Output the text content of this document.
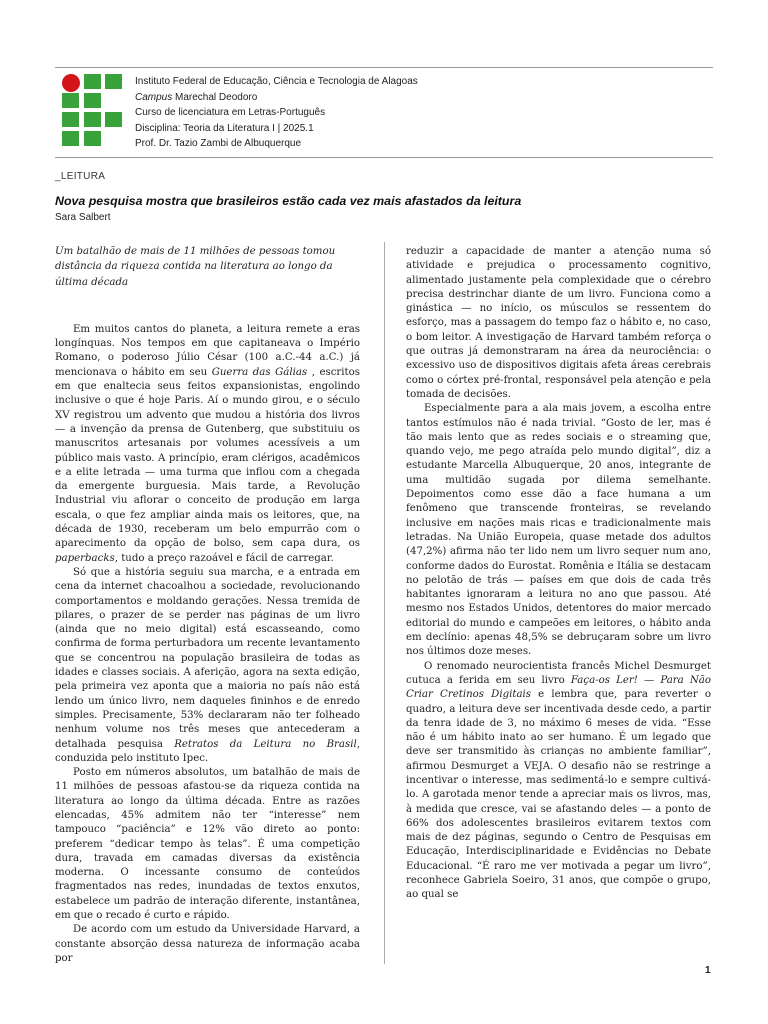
Instituto Federal de Educação, Ciência e Tecnologia de Alagoas
Campus Marechal Deodoro
Curso de licenciatura em Letras-Português
Disciplina: Teoria da Literatura I | 2025.1
Prof. Dr. Tazio Zambi de Albuquerque
_LEITURA
Nova pesquisa mostra que brasileiros estão cada vez mais afastados da leitura
Sara Salbert

Um batalhão de mais de 11 milhões de pessoas tomou distância da riqueza contida na literatura ao longo da última década

Em muitos cantos do planeta, a leitura remete a eras longínquas. Nos tempos em que capitaneava o Império Romano, o poderoso Júlio César (100 a.C.-44 a.C.) já mencionava o hábito em seu Guerra das Gálias , escritos em que enaltecia seus feitos expansionistas, engolindo inclusive o que é hoje Paris. Aí o mundo girou, e o século XV registrou um advento que mudou a história dos livros — a invenção da prensa de Gutenberg, que substituiu os manuscritos artesanais por volumes acessíveis a um público mais vasto. A princípio, eram clérigos, acadêmicos e a elite letrada — uma turma que inflou com a chegada da emergente burguesia. Mais tarde, a Revolução Industrial viu aflorar o conceito de produção em larga escala, o que fez ampliar ainda mais os leitores, que, na década de 1930, receberam um belo empurrão com o aparecimento da opção de bolso, sem capa dura, os paperbacks, tudo a preço razoável e fácil de carregar.

Só que a história seguiu sua marcha, e a entrada em cena da internet chacoalhou a sociedade, revolucionando comportamentos e moldando gerações. Nessa tremida de pilares, o prazer de se perder nas páginas de um livro (ainda que no meio digital) está escasseando, como confirma de forma perturbadora um recente levantamento que se concentrou na população brasileira de todas as idades e classes sociais. A aferição, agora na sexta edição, pela primeira vez aponta que a maioria no país não está lendo um único livro, nem daqueles fininhos e de enredo simples. Precisamente, 53% declararam não ter folheado nenhum volume nos três meses que antecederam a detalhada pesquisa Retratos da Leitura no Brasil, conduzida pelo instituto Ipec.

Posto em números absolutos, um batalhão de mais de 11 milhões de pessoas afastou-se da riqueza contida na literatura ao longo da última década. Entre as razões elencadas, 45% admitem não ter “interesse” nem tampouco “paciência” e 12% vão direto ao ponto: preferem “dedicar tempo às telas”. É uma competição dura, travada em camadas diversas da existência moderna. O incessante consumo de conteúdos fragmentados nas redes, inundadas de textos enxutos, estabelece um padrão de interação diferente, instantânea, em que o recado é curto e rápido.

De acordo com um estudo da Universidade Harvard, a constante absorção dessa natureza de informação acaba por

reduzir a capacidade de manter a atenção numa só atividade e prejudica o processamento cognitivo, alimentado justamente pela complexidade que o cérebro precisa destrinchar diante de um livro. Funciona como a ginástica — no início, os músculos se ressentem do esforço, mas a passagem do tempo faz o hábito e, no caso, o bom leitor. A investigação de Harvard também reforça o que outras já demonstraram na área da neurociência: o excessivo uso de dispositivos digitais afeta áreas cerebrais como o córtex pré-frontal, responsável pela atenção e pela tomada de decisões.

Especialmente para a ala mais jovem, a escolha entre tantos estímulos não é nada trivial. “Gosto de ler, mas é tão mais lento que as redes sociais e o streaming que, quando vejo, me pego atraída pelo mundo digital”, diz a estudante Marcella Albuquerque, 20 anos, integrante de uma multidão sugada por dilema semelhante. Depoimentos como esse dão a face humana a um fenômeno que transcende fronteiras, se revelando inclusive em nações mais ricas e tradicionalmente mais letradas. Na União Europeia, quase metade dos adultos (47,2%) afirma não ter lido nem um livro sequer num ano, conforme dados do Eurostat. Romênia e Itália se destacam no pelotão de trás — países em que dois de cada três habitantes ignoraram a leitura no ano que passou. Até mesmo nos Estados Unidos, detentores do maior mercado editorial do mundo e campeões em leitores, o hábito anda em declínio: apenas 48,5% se debruçaram sobre um livro nos últimos doze meses.

O renomado neurocientista francês Michel Desmurget cutuca a ferida em seu livro Faça-os Ler! — Para Não Criar Cretinos Digitais e lembra que, para reverter o quadro, a leitura deve ser incentivada desde cedo, a partir da tenra idade de 3, no máximo 6 meses de vida. “Esse não é um hábito inato ao ser humano. É um legado que deve ser transmitido às crianças no ambiente familiar”, afirmou Desmurget a VEJA. O desafio não se restringe a incentivar o interesse, mas sedimentá-lo e sempre cultivá-lo. A garotada menor tende a apreciar mais os livros, mas, à medida que cresce, vai se afastando deles — a ponto de 66% dos adolescentes brasileiros evitarem textos com mais de dez páginas, segundo o Centro de Pesquisas em Educação, Interdisciplinaridade e Evidências no Debate Educacional. “É raro me ver motivada a pegar um livro”, reconhece Gabriela Soeiro, 31 anos, que compõe o grupo, ao qual se

1
